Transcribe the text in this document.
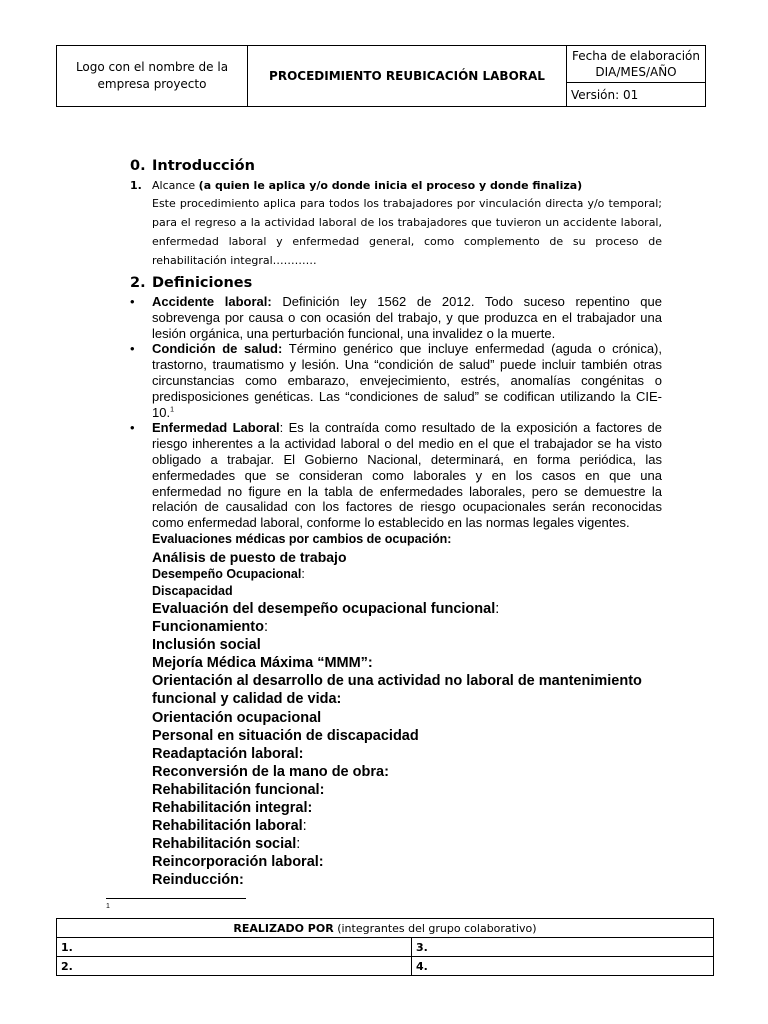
Logo con el nombre de la empresa proyecto	PROCEDIMIENTO REUBICACIÓN LABORAL	Fecha de elaboración
DIA/MES/AÑO
Versión: 01

0. Introducción

1. Alcance (a quien le aplica y/o donde inicia el proceso y donde finaliza)

Este procedimiento aplica para todos los trabajadores por vinculación directa y/o temporal; para el regreso a la actividad laboral de los trabajadores que tuvieron un accidente laboral, enfermedad laboral y enfermedad general, como complemento de su proceso de rehabilitación integral…………

2. Definiciones

• Accidente laboral: Definición ley 1562 de 2012. Todo suceso repentino que sobrevenga por causa o con ocasión del trabajo, y que produzca en el trabajador una lesión orgánica, una perturbación funcional, una invalidez o la muerte.
• Condición de salud: Término genérico que incluye enfermedad (aguda o crónica), trastorno, traumatismo y lesión. Una “condición de salud” puede incluir también otras circunstancias como embarazo, envejecimiento, estrés, anomalías congénitas o predisposiciones genéticas. Las “condiciones de salud” se codifican utilizando la CIE-10.$^1$
• Enfermedad Laboral: Es la contraída como resultado de la exposición a factores de riesgo inherentes a la actividad laboral o del medio en el que el trabajador se ha visto obligado a trabajar. El Gobierno Nacional, determinará, en forma periódica, las enfermedades que se consideran como laborales y en los casos en que una enfermedad no figure en la tabla de enfermedades laborales, pero se demuestre la relación de causalidad con los factores de riesgo ocupacionales serán reconocidas como enfermedad laboral, conforme lo establecido en las normas legales vigentes.
Evaluaciones médicas por cambios de ocupación:
Análisis de puesto de trabajo
Desempeño Ocupacional:
Discapacidad
Evaluación del desempeño ocupacional funcional:
Funcionamiento:
Inclusión social
Mejoría Médica Máxima “MMM”:
Orientación al desarrollo de una actividad no laboral de mantenimiento funcional y calidad de vida:
Orientación ocupacional
Personal en situación de discapacidad
Readaptación laboral:
Reconversión de la mano de obra:
Rehabilitación funcional:
Rehabilitación integral:
Rehabilitación laboral:
Rehabilitación social:
Reincorporación laboral:
Reinducción:
1
REALIZADO POR (integrantes del grupo colaborativo)	
1.	3.
2.	4.
